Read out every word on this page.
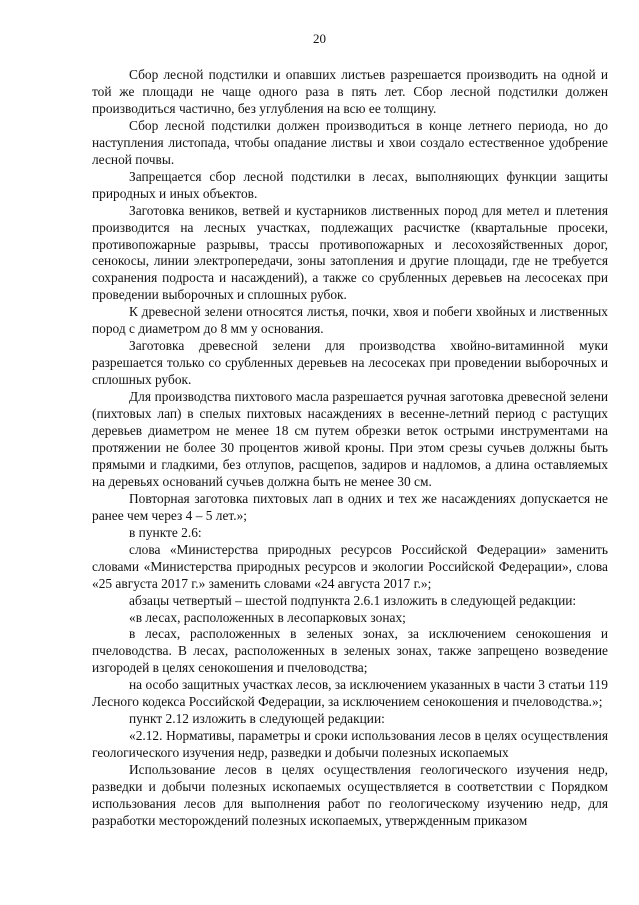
20

Сбор лесной подстилки и опавших листьев разрешается производить на одной и той же площади не чаще одного раза в пять лет. Сбор лесной подстилки должен производиться частично, без углубления на всю ее толщину.

Сбор лесной подстилки должен производиться в конце летнего периода, но до наступления листопада, чтобы опадание листвы и хвои создало естественное удобрение лесной почвы.

Запрещается сбор лесной подстилки в лесах, выполняющих функции защиты природных и иных объектов.

Заготовка веников, ветвей и кустарников лиственных пород для метел и плетения производится на лесных участках, подлежащих расчистке (квартальные просеки, противопожарные разрывы, трассы противопожарных и лесохозяйственных дорог, сенокосы, линии электропередачи, зоны затопления и другие площади, где не требуется сохранения подроста и насаждений), а также со срубленных деревьев на лесосеках при проведении выборочных и сплошных рубок.

К древесной зелени относятся листья, почки, хвоя и побеги хвойных и лиственных пород с диаметром до 8 мм у основания.

Заготовка древесной зелени для производства хвойно-витаминной муки разрешается только со срубленных деревьев на лесосеках при проведении выборочных и сплошных рубок.

Для производства пихтового масла разрешается ручная заготовка древесной зелени (пихтовых лап) в спелых пихтовых насаждениях в весенне-летний период с растущих деревьев диаметром не менее 18 см путем обрезки веток острыми инструментами на протяжении не более 30 процентов живой кроны. При этом срезы сучьев должны быть прямыми и гладкими, без отлупов, расщепов, задиров и надломов, а длина оставляемых на деревьях оснований сучьев должна быть не менее 30 см.

Повторная заготовка пихтовых лап в одних и тех же насаждениях допускается не ранее чем через 4 – 5 лет.»;

в пункте 2.6:

слова «Министерства природных ресурсов Российской Федерации» заменить словами «Министерства природных ресурсов и экологии Российской Федерации», слова «25 августа 2017 г.» заменить словами «24 августа 2017 г.»;

абзацы четвертый – шестой подпункта 2.6.1 изложить в следующей редакции:

«в лесах, расположенных в лесопарковых зонах;

в лесах, расположенных в зеленых зонах, за исключением сенокошения и пчеловодства. В лесах, расположенных в зеленых зонах, также запрещено возведение изгородей в целях сенокошения и пчеловодства;

на особо защитных участках лесов, за исключением указанных в части 3 статьи 119 Лесного кодекса Российской Федерации, за исключением сенокошения и пчеловодства.»;

пункт 2.12 изложить в следующей редакции:

«2.12. Нормативы, параметры и сроки использования лесов в целях осуществления геологического изучения недр, разведки и добычи полезных ископаемых

Использование лесов в целях осуществления геологического изучения недр, разведки и добычи полезных ископаемых осуществляется в соответствии с Порядком использования лесов для выполнения работ по геологическому изучению недр, для разработки месторождений полезных ископаемых, утвержденным приказом
